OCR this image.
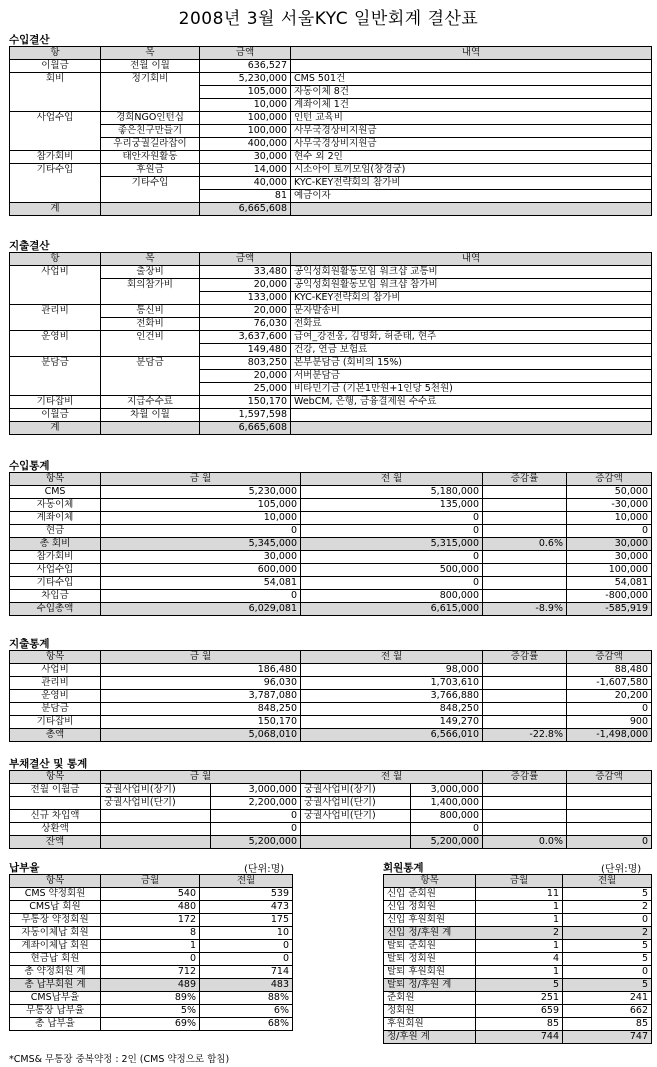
2008년 3월 서울KYC 일반회계 결산표
수입결산
항	목	금액	내역
이월금	전월 이월	636,527	
회비	정기회비	5,230,000	CMS 501건
		105,000	자동이체 8건
		10,000	계좌이체 1건
사업수입	경희NGO인턴십	100,000	인턴 교육비
	좋은친구만들기	100,000	사무국경상비지원금
	우리궁궐길라잡이	400,000	사무국경상비지원금
참가회비	태안자원활동	30,000	현수 외 2인
기타수입	후원금	14,000	시소아이 토끼모임(창경궁)
	기타수입	40,000	KYC-KEY전략회의 참가비
		81	예금이자
계		6,665,608	
지출결산
항	목	금액	내역
사업비	출장비	33,480	공익성회원활동모임 워크샵 교통비
	회의참가비	20,000	공익성회원활동모임 워크샵 참가비
		133,000	KYC-KEY전략회의 참가비
관리비	통신비	20,000	문자발송비
	전화비	76,030	전화료
운영비	인건비	3,637,600	급여_강전웅, 김명화, 허준태, 현주
		149,480	건강, 연금 보험료
분담금	분담금	803,250	본부분담금 (회비의 15%)
		20,000	서버분담금
		25,000	비타민기금 (기본1만원+1인당 5천원)
기타잡비	지급수수료	150,170	WebCM, 은행, 금융결제원 수수료
이월금	차월 이월	1,597,598	
계		6,665,608	
수입통계
항목	금 월	전 월	증감률	증감액
CMS	5,230,000	5,180,000		50,000
자동이체	105,000	135,000		-30,000
계좌이체	10,000	0		10,000
현금	0	0		0
총 회비	5,345,000	5,315,000	0.6%	30,000
참가회비	30,000	0		30,000
사업수입	600,000	500,000		100,000
기타수입	54,081	0		54,081
차입금	0	800,000		-800,000
수입총액	6,029,081	6,615,000	-8.9%	-585,919
지출통계
항목	금 월	전 월	증감률	증감액
사업비	186,480	98,000		88,480
관리비	96,030	1,703,610		-1,607,580
운영비	3,787,080	3,766,880		20,200
분담금	848,250	848,250		0
기타잡비	150,170	149,270		900
총액	5,068,010	6,566,010	-22.8%	-1,498,000
부채결산 및 통계
항목	금 월		전 월		증감률	증감액
전월 이월금	궁궐사업비(장기)	3,000,000	궁궐사업비(장기)	3,000,000		
	궁궐사업비(단기)	2,200,000	궁궐사업비(단기)	1,400,000		
신규 차입액		0	궁궐사업비(단기)	800,000		
상환액		0		0		
잔액		5,200,000		5,200,000	0.0%	0
납부율	(단위:명)
항목	금월	전월
CMS 약정회원	540	539
CMS납 회원	480	473
무통장 약정회원	172	175
자동이체납 회원	8	10
계좌이체납 회원	1	0
현금납 회원	0	0
총 약정회원 계	712	714
총 납부회원 계	489	483
CMS납부율	89%	88%
무통장 납부율	5%	6%
총 납부율	69%	68%
*CMS& 무통장 중복약정 : 2인 (CMS 약정으로 합침)
회원통계	(단위:명)
항목	금월	전월
신입 준회원	11	5
신입 정회원	1	2
신입 후원회원	1	0
신입 정/후원 계	2	2
탈퇴 준회원	1	5
탈퇴 정회원	4	5
탈퇴 후원회원	1	0
탈퇴 정/후원 계	5	5
준회원	251	241
정회원	659	662
후원회원	85	85
정/후원 계	744	747
